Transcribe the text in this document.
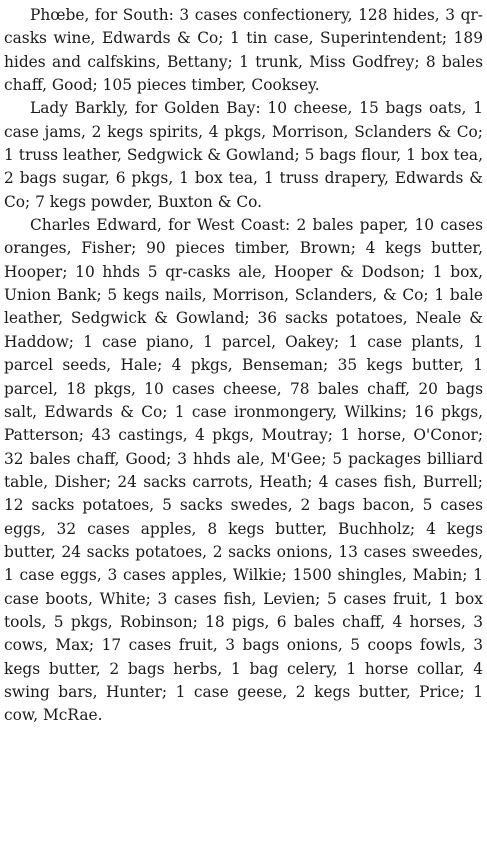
Phœbe, for South: 3 cases confectionery, 128 hides, 3 qr-casks wine, Edwards & Co; 1 tin case, Superintendent; 189 hides and calfskins, Bettany; 1 trunk, Miss Godfrey; 8 bales chaff, Good; 105 pieces timber, Cooksey.

Lady Barkly, for Golden Bay: 10 cheese, 15 bags oats, 1 case jams, 2 kegs spirits, 4 pkgs, Morrison, Sclanders & Co; 1 truss leather, Sedgwick & Gowland; 5 bags flour, 1 box tea, 2 bags sugar, 6 pkgs, 1 box tea, 1 truss drapery, Edwards & Co; 7 kegs powder, Buxton & Co.

Charles Edward, for West Coast: 2 bales paper, 10 cases oranges, Fisher; 90 pieces timber, Brown; 4 kegs butter, Hooper; 10 hhds 5 qr-casks ale, Hooper & Dodson; 1 box, Union Bank; 5 kegs nails, Morrison, Sclanders, & Co; 1 bale leather, Sedgwick & Gowland; 36 sacks potatoes, Neale & Haddow; 1 case piano, 1 parcel, Oakey; 1 case plants, 1 parcel seeds, Hale; 4 pkgs, Benseman; 35 kegs butter, 1 parcel, 18 pkgs, 10 cases cheese, 78 bales chaff, 20 bags salt, Edwards & Co; 1 case ironmongery, Wilkins; 16 pkgs, Patterson; 43 castings, 4 pkgs, Moutray; 1 horse, O'Conor; 32 bales chaff, Good; 3 hhds ale, M'Gee; 5 packages billiard table, Disher; 24 sacks carrots, Heath; 4 cases fish, Burrell; 12 sacks potatoes, 5 sacks swedes, 2 bags bacon, 5 cases eggs, 32 cases apples, 8 kegs butter, Buchholz; 4 kegs butter, 24 sacks potatoes, 2 sacks onions, 13 cases sweedes, 1 case eggs, 3 cases apples, Wilkie; 1500 shingles, Mabin; 1 case boots, White; 3 cases fish, Levien; 5 cases fruit, 1 box tools, 5 pkgs, Robinson; 18 pigs, 6 bales chaff, 4 horses, 3 cows, Max; 17 cases fruit, 3 bags onions, 5 coops fowls, 3 kegs butter, 2 bags herbs, 1 bag celery, 1 horse collar, 4 swing bars, Hunter; 1 case geese, 2 kegs butter, Price; 1 cow, McRae.
